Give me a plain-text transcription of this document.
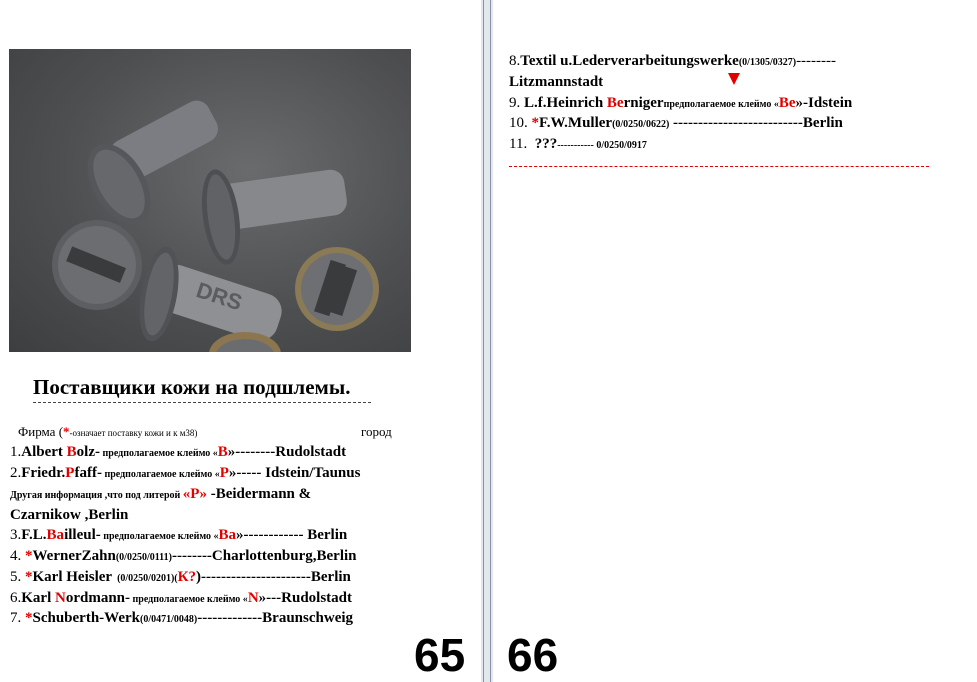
DRS
Поставщики кожи на подшлемы.
Фирма (*-означает поставку кожи и к м38)	город
1.Albert Bolz- предполагаемое клеймо «B»--------Rudolstadt
2.Friedr.Pfaff- предполагаемое клеймо «P»----- Idstein/Taunus
Другая информация ,что под литерой «P» -Beidermann &
Czarnikow ,Berlin
3.F.L.Bailleul- предполагаемое клеймо «Ba»------------ Berlin
4. *WernerZahn(0/0250/0111)--------Charlottenburg,Berlin
5. *Karl Heisler  (0/0250/0201)(К?)----------------------Berlin
6.Karl Nordmann- предполагаемое клеймо «N»---Rudolstadt
7. *Schuberth-Werk(0/0471/0048)-------------Braunschweig
65 66
8.Textil u.Lederverarbeitungswerke(0/1305/0327)--------
Litzmannstadt
9. L.f.Heinrich Bernigerпредполагаемое клеймо «Be»-Idstein
10. *F.W.Muller(0/0250/0622) --------------------------Berlin
11.  ???----------- 0/0250/0917
